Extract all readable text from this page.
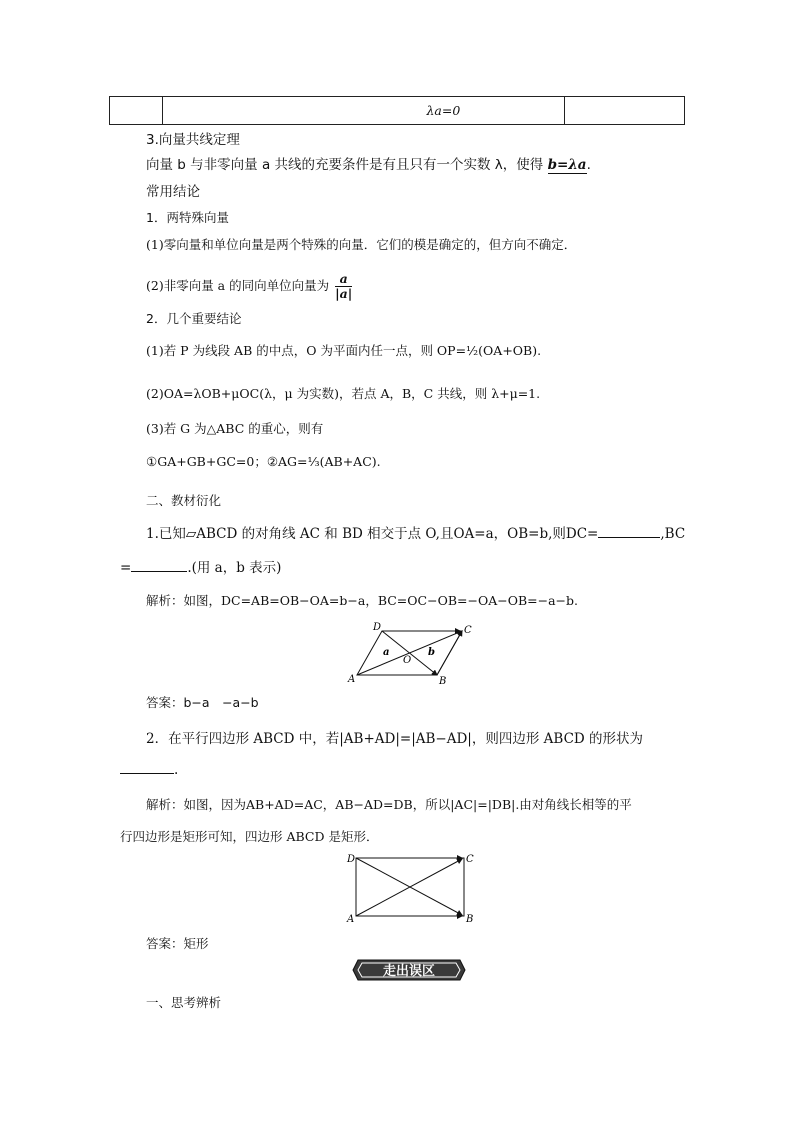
	λa=0	
3.向量共线定理
向量 b 与非零向量 a 共线的充要条件是有且只有一个实数 λ，使得 b=λa.
常用结论
1．两特殊向量
(1)零向量和单位向量是两个特殊的向量．它们的模是确定的，但方向不确定．
(2)非零向量 a 的同向单位向量为 $\frac{a}{|a|}$
2．几个重要结论
(1)若 P 为线段 AB 的中点，O 为平面内任一点，则 OP=½(OA+OB).
(2)OA=λOB+μOC(λ，μ 为实数)，若点 A，B，C 共线，则 λ+μ=1.
(3)若 G 为△ABC 的重心，则有
①GA+GB+GC=0；②AG=⅓(AB+AC).
二、教材衍化
1.已知▱ABCD 的对角线 AC 和 BD 相交于点 O,且OA=a，OB=b,则DC=	,BC
=	.(用 a，b 表示)
解析：如图，DC=AB=OB−OA=b−a，BC=OC−OB=−OA−OB=−a−b.
A	B
C
D
O
a	b
答案：b−a　−a−b
2．在平行四边形 ABCD 中，若|AB+AD|=|AB−AD|，则四边形 ABCD 的形状为
.
解析：如图，因为AB+AD=AC，AB−AD=DB，所以|AC|=|DB|.由对角线长相等的平
行四边形是矩形可知，四边形 ABCD 是矩形．
A	B
C
D
答案：矩形
走出误区
一、思考辨析
